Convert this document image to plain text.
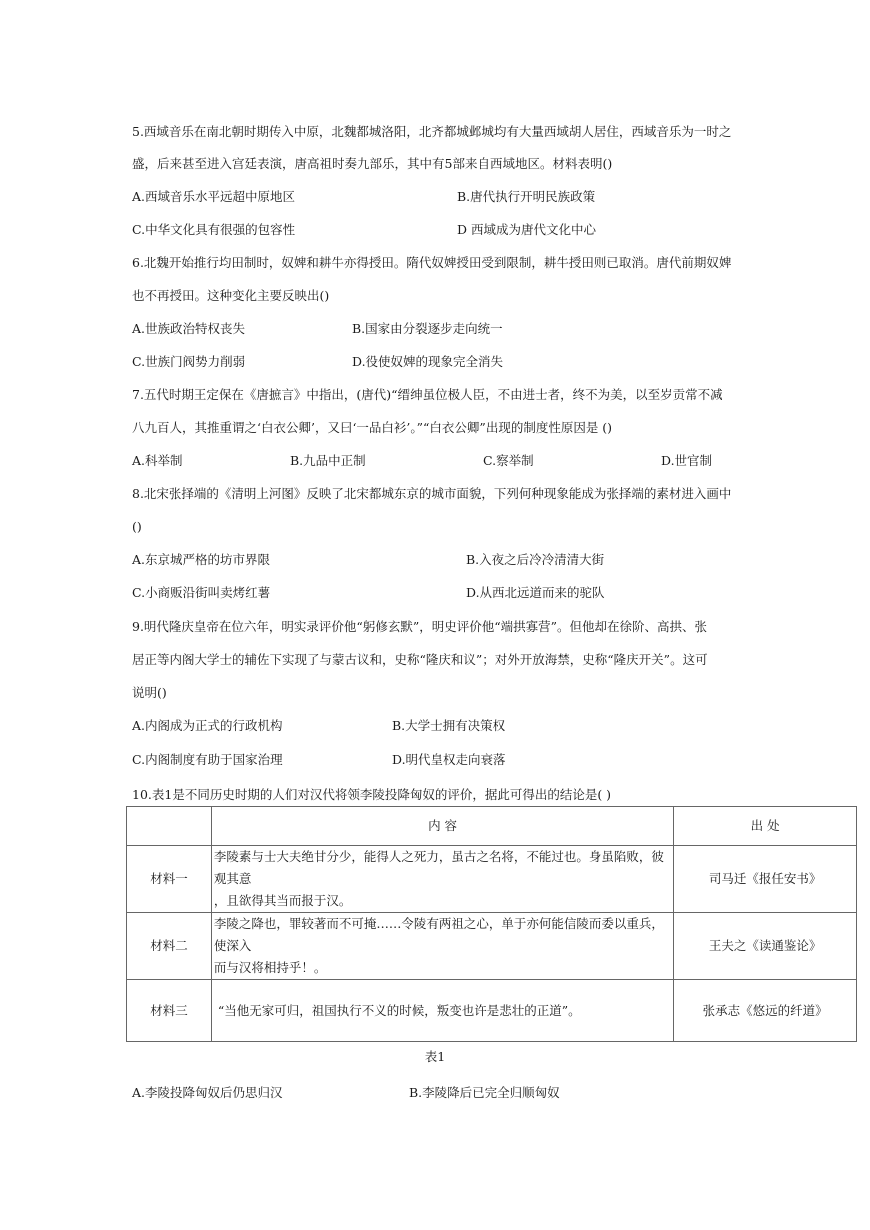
5.西域音乐在南北朝时期传入中原，北魏都城洛阳，北齐都城邺城均有大量西域胡人居住，西域音乐为一时之
盛，后来甚至进入宫廷表演，唐高祖时奏九部乐，其中有5部来自西域地区。材料表明()
A.西域音乐水平远超中原地区	B.唐代执行开明民族政策
C.中华文化具有很强的包容性	D 西域成为唐代文化中心
6.北魏开始推行均田制时，奴婢和耕牛亦得授田。隋代奴婢授田受到限制，耕牛授田则已取消。唐代前期奴婢
也不再授田。这种变化主要反映出()
A.世族政治特权丧失	B.国家由分裂逐步走向统一
C.世族门阀势力削弱	D.役使奴婢的现象完全消失
7.五代时期王定保在《唐摭言》中指出，(唐代)“缙绅虽位极人臣，不由进士者，终不为美，以至岁贡常不减
八九百人，其推重谓之‘白衣公卿’，又曰‘一品白衫’。”“白衣公卿”出现的制度性原因是 ()
A.科举制	B.九品中正制	C.察举制	D.世官制
8.北宋张择端的《清明上河图》反映了北宋都城东京的城市面貌，下列何种现象能成为张择端的素材进入画中
()
A.东京城严格的坊市界限	B.入夜之后冷冷清清大街
C.小商贩沿街叫卖烤红薯	D.从西北远道而来的驼队
9.明代隆庆皇帝在位六年，明实录评价他“躬修玄默”，明史评价他“端拱寡营”。但他却在徐阶、高拱、张
居正等内阁大学士的辅佐下实现了与蒙古议和，史称“隆庆和议”；对外开放海禁，史称“隆庆开关”。这可
说明()
A.内阁成为正式的行政机构	B.大学士拥有决策权
C.内阁制度有助于国家治理	D.明代皇权走向衰落
10.表1是不同历史时期的人们对汉代将领李陵投降匈奴的评价，据此可得出的结论是( )
	内 容	出 处
材料一	李陵素与士大夫绝甘分少，能得人之死力，虽古之名将，不能过也。身虽陷败，彼观其意
，且欲得其当而报于汉。	司马迁《报任安书》
材料二	李陵之降也，罪较著而不可掩……令陵有两祖之心，单于亦何能信陵而委以重兵，使深入
而与汉将相持乎！。	王夫之《读通鉴论》
材料三	“当他无家可归，祖国执行不义的时候，叛变也许是悲壮的正道”。	张承志《悠远的纤道》
表1
A.李陵投降匈奴后仍思归汉	B.李陵降后已完全归顺匈奴
